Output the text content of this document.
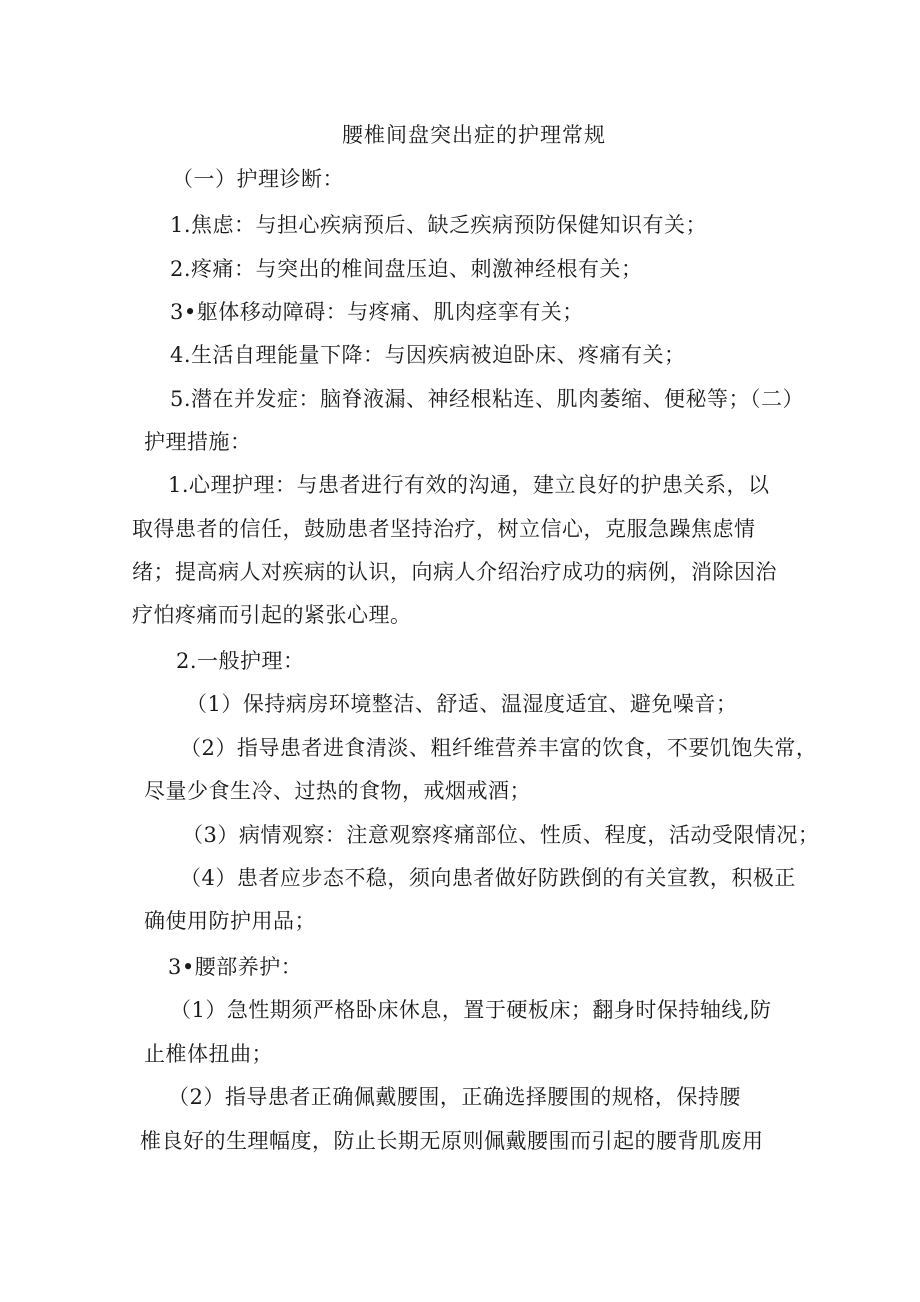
腰椎间盘突出症的护理常规
（一）护理诊断：
1.焦虑：与担心疾病预后、缺乏疾病预防保健知识有关；
2.疼痛：与突出的椎间盘压迫、刺激神经根有关；
3•躯体移动障碍：与疼痛、肌肉痉挛有关；
4.生活自理能量下降：与因疾病被迫卧床、疼痛有关；
5.潜在并发症：脑脊液漏、神经根粘连、肌肉萎缩、便秘等；（二）
护理措施：
1.心理护理：与患者进行有效的沟通，建立良好的护患关系，以
取得患者的信任，鼓励患者坚持治疗，树立信心，克服急躁焦虑情
绪；提高病人对疾病的认识，向病人介绍治疗成功的病例，消除因治
疗怕疼痛而引起的紧张心理。
2.一般护理：
（1）保持病房环境整洁、舒适、温湿度适宜、避免噪音；
（2）指导患者进食清淡、粗纤维营养丰富的饮食，不要饥饱失常，
尽量少食生冷、过热的食物，戒烟戒酒；
（3）病情观察：注意观察疼痛部位、性质、程度，活动受限情况；
（4）患者应步态不稳，须向患者做好防跌倒的有关宣教，积极正
确使用防护用品；
3•腰部养护：
（1）急性期须严格卧床休息，置于硬板床；翻身时保持轴线,防
止椎体扭曲；
（2）指导患者正确佩戴腰围，正确选择腰围的规格，保持腰
椎良好的生理幅度，防止长期无原则佩戴腰围而引起的腰背肌废用
